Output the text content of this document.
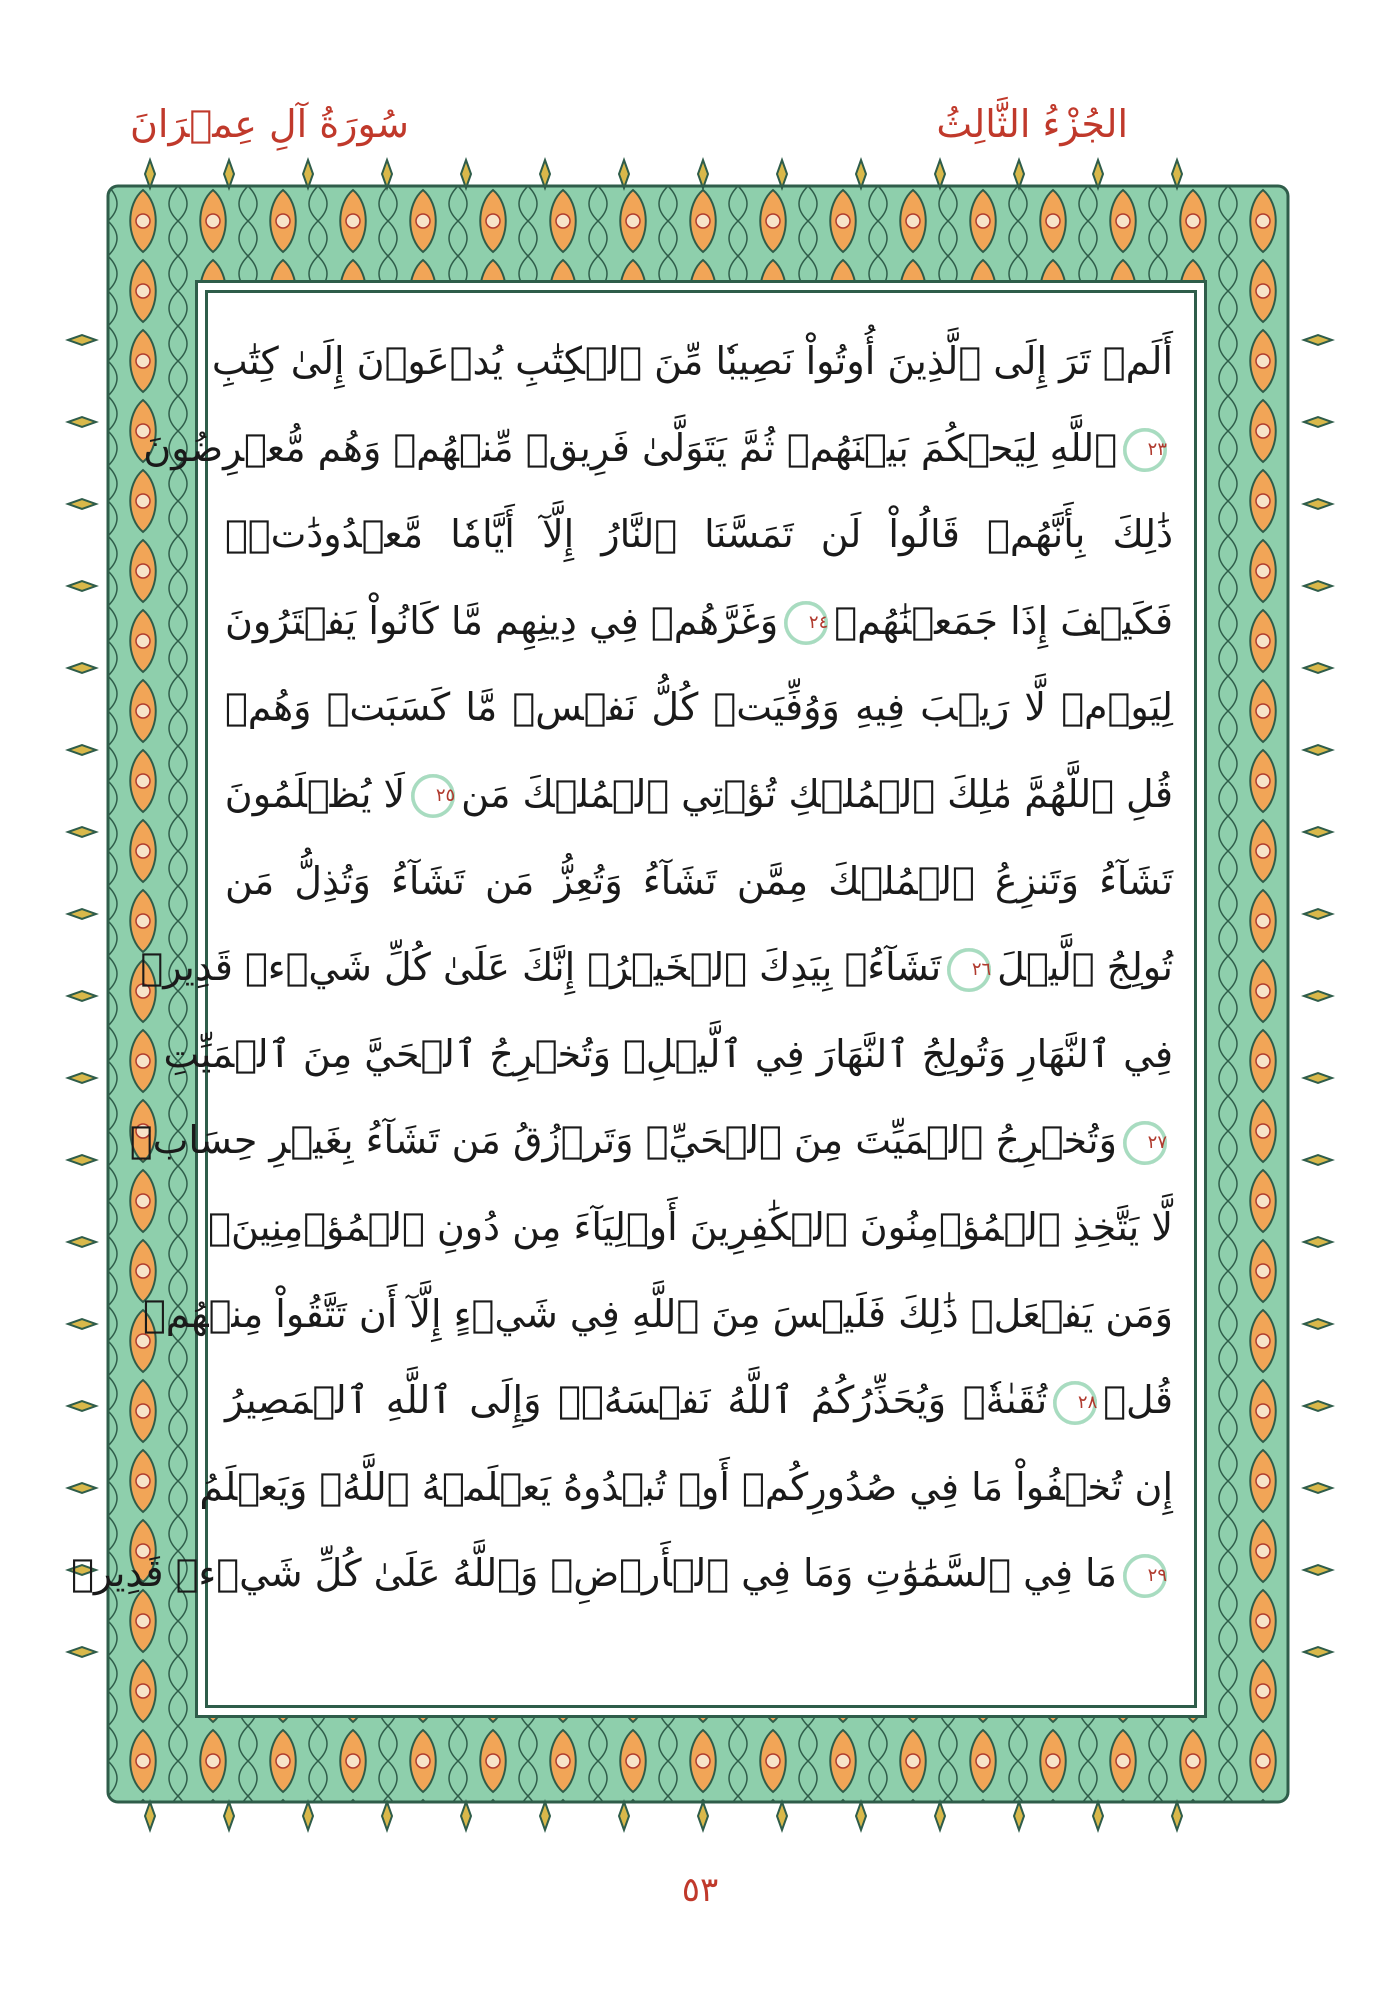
الجُزْءُ الثَّالِثُ
سُورَةُ آلِ عِمۡرَانَ
أَلَمۡ تَرَ إِلَى ٱلَّذِينَ أُوتُواْ نَصِيبٗا مِّنَ ٱلۡكِتَٰبِ يُدۡعَوۡنَ إِلَىٰ كِتَٰبِ
٢٣ٱللَّهِ لِيَحۡكُمَ بَيۡنَهُمۡ ثُمَّ يَتَوَلَّىٰ فَرِيقٞ مِّنۡهُمۡ وَهُم مُّعۡرِضُونَ
ذَٰلِكَ بِأَنَّهُمۡ قَالُواْ لَن تَمَسَّنَا ٱلنَّارُ إِلَّآ أَيَّامٗا مَّعۡدُودَٰتٖۖ
فَكَيۡفَ إِذَا جَمَعۡنَٰهُمۡ٢٤وَغَرَّهُمۡ فِي دِينِهِم مَّا كَانُواْ يَفۡتَرُونَ
لِيَوۡمٖ لَّا رَيۡبَ فِيهِ وَوُفِّيَتۡ كُلُّ نَفۡسٖ مَّا كَسَبَتۡ وَهُمۡ
قُلِ ٱللَّهُمَّ مَٰلِكَ ٱلۡمُلۡكِ تُؤۡتِي ٱلۡمُلۡكَ مَن٢٥لَا يُظۡلَمُونَ
تَشَآءُ وَتَنزِعُ ٱلۡمُلۡكَ مِمَّن تَشَآءُ وَتُعِزُّ مَن تَشَآءُ وَتُذِلُّ مَن
تُولِجُ ٱلَّيۡلَ٢٦تَشَآءُۖ بِيَدِكَ ٱلۡخَيۡرُۖ إِنَّكَ عَلَىٰ كُلِّ شَيۡءٖ قَدِيرٞ
فِي ٱلنَّهَارِ وَتُولِجُ ٱلنَّهَارَ فِي ٱلَّيۡلِۖ وَتُخۡرِجُ ٱلۡحَيَّ مِنَ ٱلۡمَيِّتِ
٢٧وَتُخۡرِجُ ٱلۡمَيِّتَ مِنَ ٱلۡحَيِّۖ وَتَرۡزُقُ مَن تَشَآءُ بِغَيۡرِ حِسَابٖ
لَّا يَتَّخِذِ ٱلۡمُؤۡمِنُونَ ٱلۡكَٰفِرِينَ أَوۡلِيَآءَ مِن دُونِ ٱلۡمُؤۡمِنِينَۖ
وَمَن يَفۡعَلۡ ذَٰلِكَ فَلَيۡسَ مِنَ ٱللَّهِ فِي شَيۡءٍ إِلَّآ أَن تَتَّقُواْ مِنۡهُمۡ
قُلۡ٢٨تُقَىٰةٗۗ وَيُحَذِّرُكُمُ ٱللَّهُ نَفۡسَهُۥۗ وَإِلَى ٱللَّهِ ٱلۡمَصِيرُ
إِن تُخۡفُواْ مَا فِي صُدُورِكُمۡ أَوۡ تُبۡدُوهُ يَعۡلَمۡهُ ٱللَّهُۗ وَيَعۡلَمُ
٢٩مَا فِي ٱلسَّمَٰوَٰتِ وَمَا فِي ٱلۡأَرۡضِۗ وَٱللَّهُ عَلَىٰ كُلِّ شَيۡءٖ قَدِيرٞ
٥٣
